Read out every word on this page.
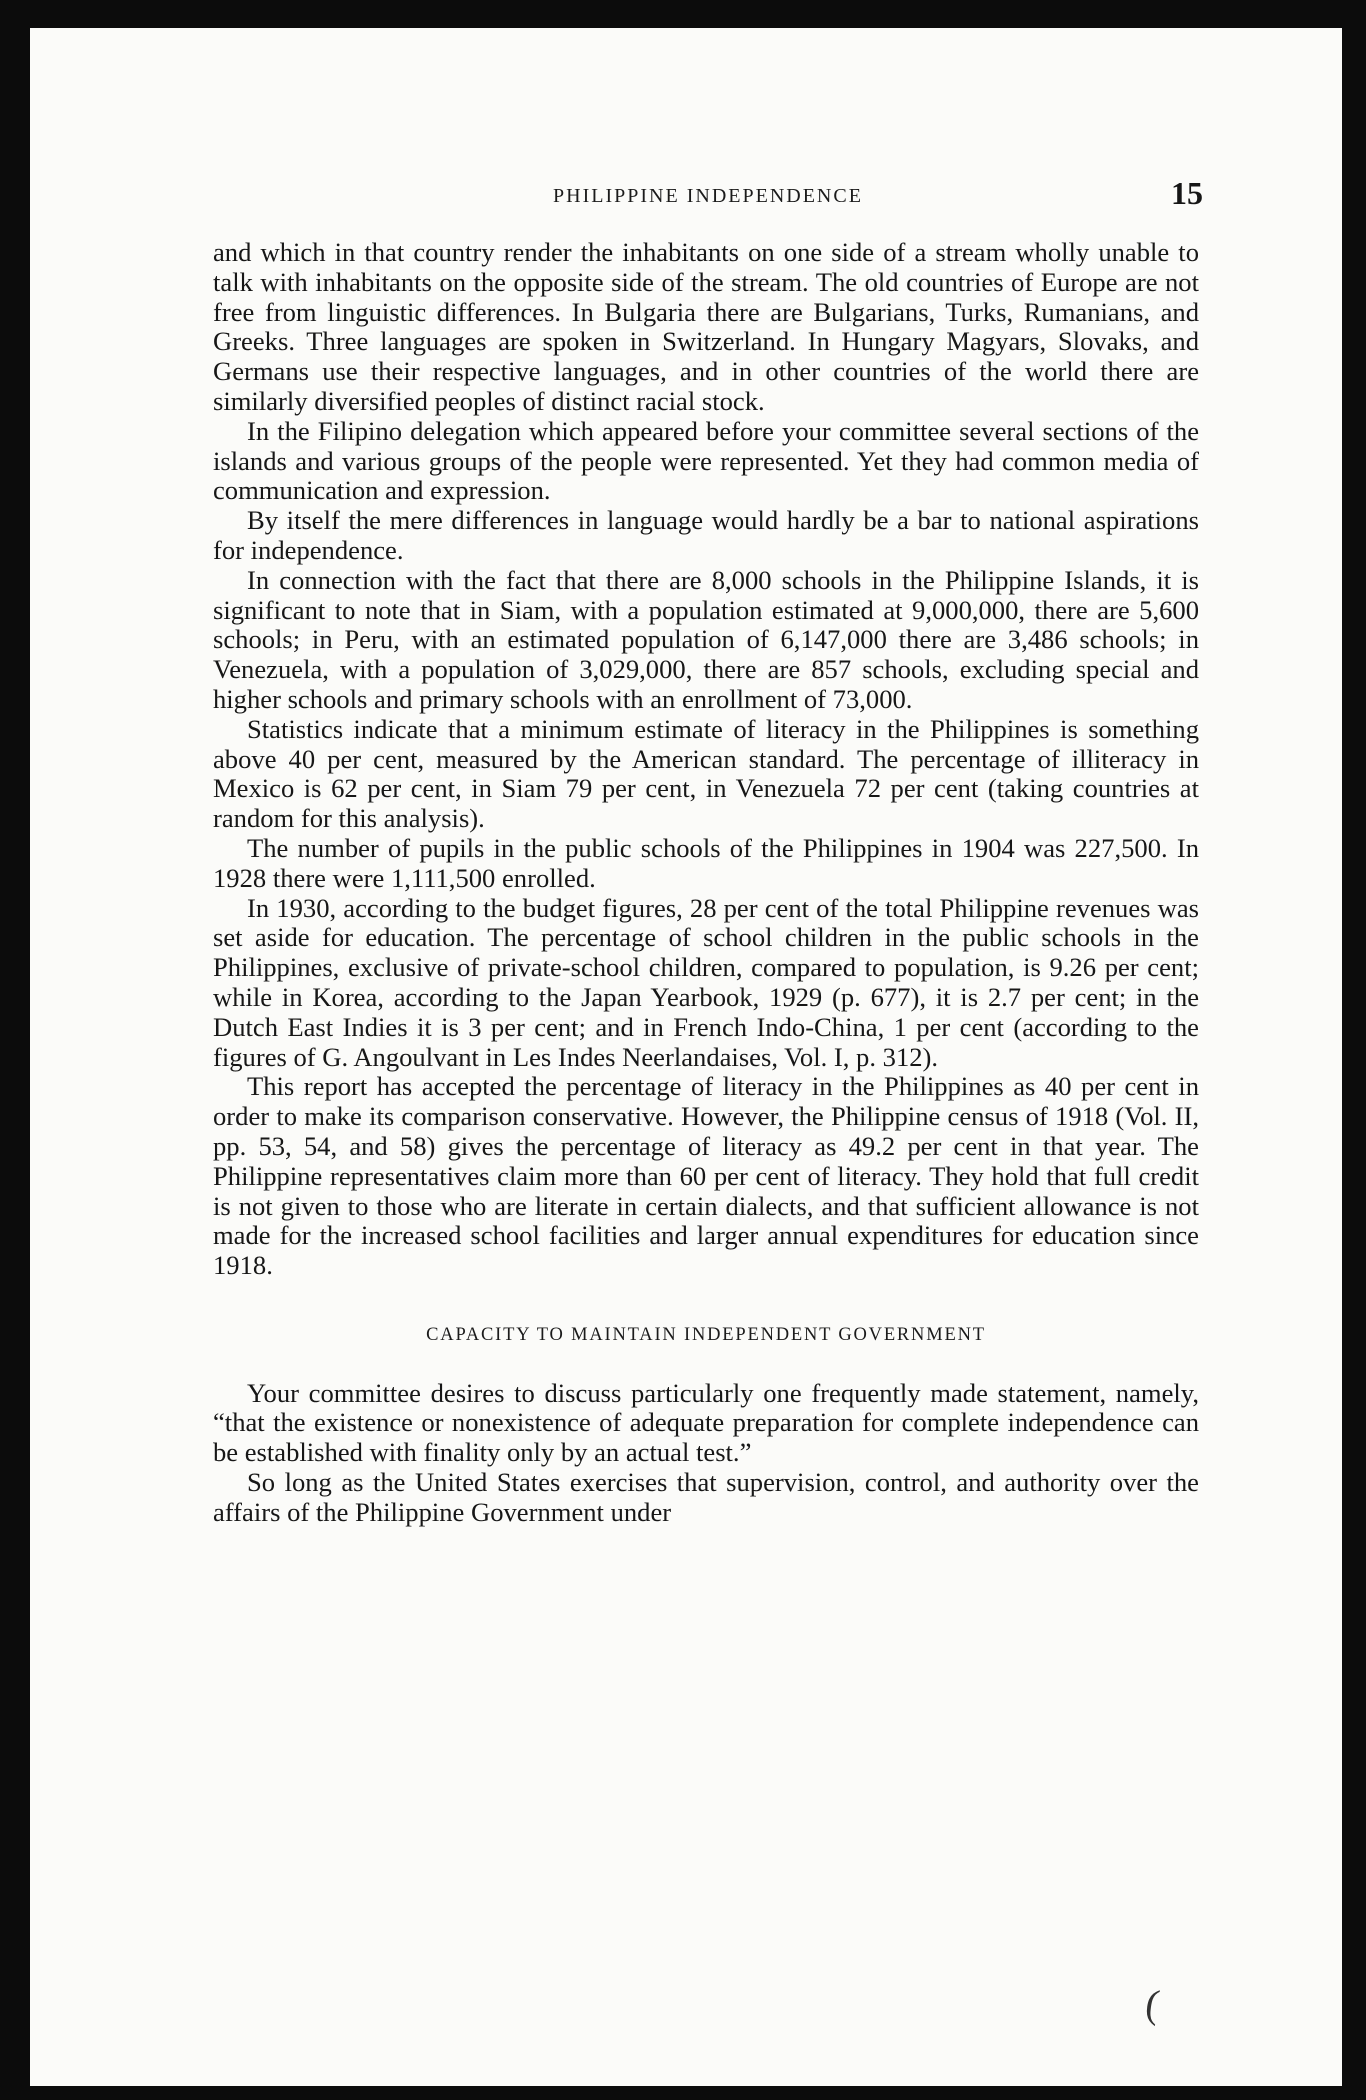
PHILIPPINE INDEPENDENCE	15

and which in that country render the inhabitants on one side of a stream wholly unable to talk with inhabitants on the opposite side of the stream. The old countries of Europe are not free from linguistic differences. In Bulgaria there are Bulgarians, Turks, Rumanians, and Greeks. Three languages are spoken in Switzerland. In Hungary Magyars, Slovaks, and Germans use their respective languages, and in other countries of the world there are similarly diversified peoples of distinct racial stock.

In the Filipino delegation which appeared before your committee several sections of the islands and various groups of the people were represented. Yet they had common media of communication and expression.

By itself the mere differences in language would hardly be a bar to national aspirations for independence.

In connection with the fact that there are 8,000 schools in the Philippine Islands, it is significant to note that in Siam, with a population estimated at 9,000,000, there are 5,600 schools; in Peru, with an estimated population of 6,147,000 there are 3,486 schools; in Venezuela, with a population of 3,029,000, there are 857 schools, excluding special and higher schools and primary schools with an enrollment of 73,000.

Statistics indicate that a minimum estimate of literacy in the Philippines is something above 40 per cent, measured by the American standard. The percentage of illiteracy in Mexico is 62 per cent, in Siam 79 per cent, in Venezuela 72 per cent (taking countries at random for this analysis).

The number of pupils in the public schools of the Philippines in 1904 was 227,500. In 1928 there were 1,111,500 enrolled.

In 1930, according to the budget figures, 28 per cent of the total Philippine revenues was set aside for education. The percentage of school children in the public schools in the Philippines, exclusive of private-school children, compared to population, is 9.26 per cent; while in Korea, according to the Japan Yearbook, 1929 (p. 677), it is 2.7 per cent; in the Dutch East Indies it is 3 per cent; and in French Indo-China, 1 per cent (according to the figures of G. Angoulvant in Les Indes Neerlandaises, Vol. I, p. 312).

This report has accepted the percentage of literacy in the Philippines as 40 per cent in order to make its comparison conservative. However, the Philippine census of 1918 (Vol. II, pp. 53, 54, and 58) gives the percentage of literacy as 49.2 per cent in that year. The Philippine representatives claim more than 60 per cent of literacy. They hold that full credit is not given to those who are literate in certain dialects, and that sufficient allowance is not made for the increased school facilities and larger annual expenditures for education since 1918.

CAPACITY TO MAINTAIN INDEPENDENT GOVERNMENT

Your committee desires to discuss particularly one frequently made statement, namely, “that the existence or nonexistence of adequate preparation for complete independence can be established with finality only by an actual test.”

So long as the United States exercises that supervision, control, and authority over the affairs of the Philippine Government under

(
